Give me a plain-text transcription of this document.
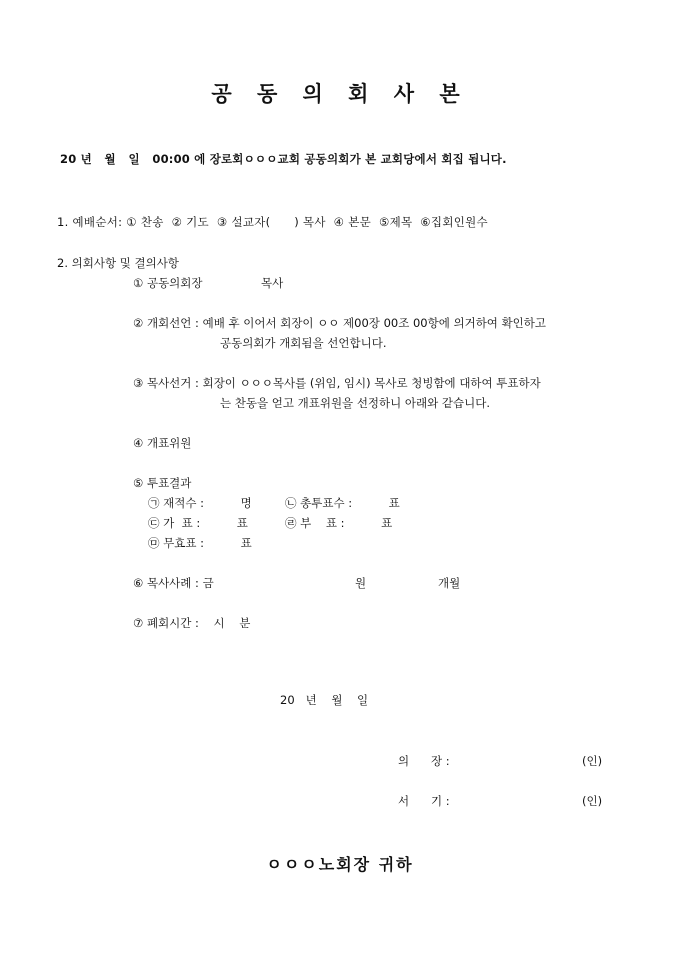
공 동 의 회 사 본
20 년   월   일   00:00 에 장로회ㅇㅇㅇ교회 공동의회가 본 교회당에서 회집 됩니다.
1. 예배순서: ① 찬송  ② 기도  ③ 설교자(      ) 목사  ④ 본문  ⑤제목  ⑥집회인원수
2. 의회사항 및 결의사항
① 공동의회장                목사
② 개회선언 : 예배 후 이어서 회장이 ㅇㅇ 제00장 00조 00항에 의거하여 확인하고
공동의회가 개회됨을 선언합니다.
③ 목사선거 : 회장이 ㅇㅇㅇ목사를 (위임, 임시) 목사로 청빙함에 대하여 투표하자
는 찬동을 얻고 개표위원을 선정하니 아래와 같습니다.
④ 개표위원
⑤ 투표결과
㉠ 재적수 :          명	㉡ 총투표수 :          표
㉢ 가  표 :          표	㉣ 부    표 :          표
㉤ 무효표 :          표
⑥ 목사사례 : 금	원	개월
⑦ 폐회시간 :    시    분
20   년    월    일
의      장 :	(인)
서      기 :	(인)
ㅇㅇㅇ노회장 귀하
